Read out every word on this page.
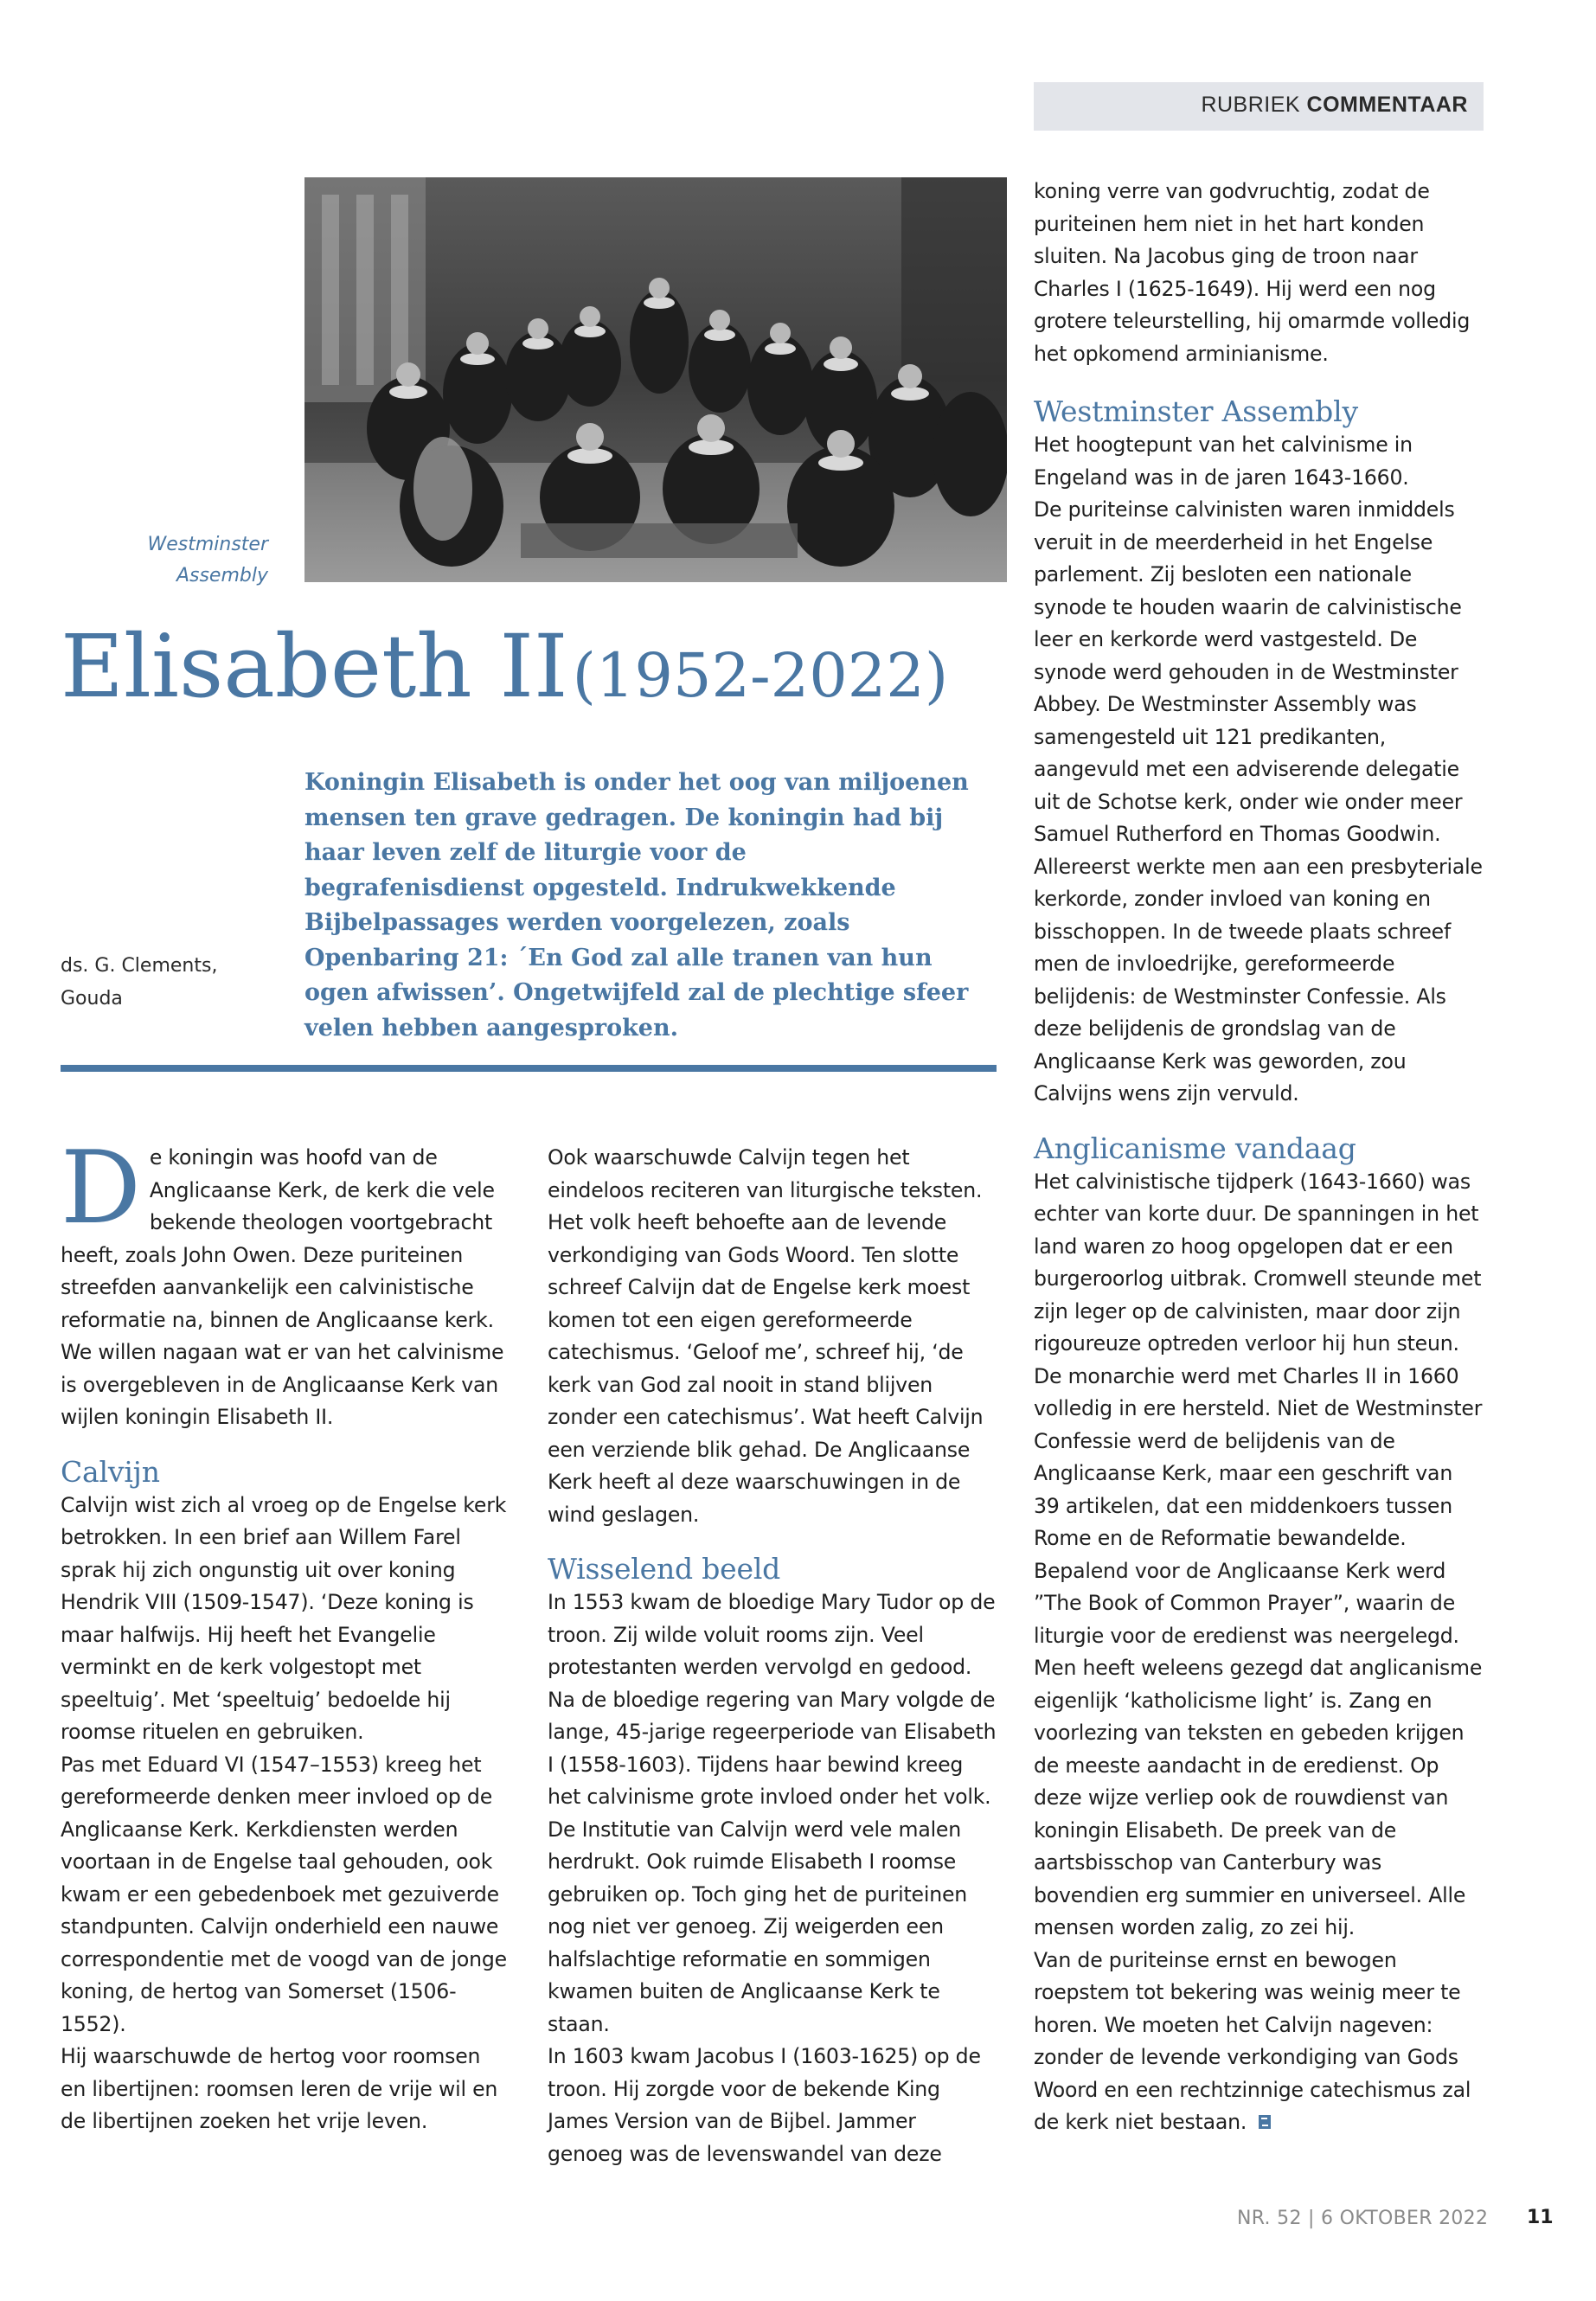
RUBRIEK COMMENTAAR
Westminster
Assembly
Elisabeth II (1952-2022)
Koningin Elisabeth is onder het oog van miljoenen mensen ten grave gedragen. De koningin had bij haar leven zelf de liturgie voor de begrafenisdienst opgesteld. Indrukwekkende Bijbelpassages werden voorgelezen, zoals Openbaring 21: ´En God zal alle tranen van hun ogen afwissen’. Ongetwijfeld zal de plechtige sfeer velen hebben aangesproken.
ds. G. Clements,
Gouda

De koningin was hoofd van de Anglicaanse Kerk, de kerk die vele bekende theologen voortgebracht heeft, zoals John Owen. Deze puriteinen streefden aanvankelijk een calvinistische reformatie na, binnen de Anglicaanse kerk. We willen nagaan wat er van het calvinisme is overgebleven in de Anglicaanse Kerk van wijlen koningin Elisabeth II.

Calvijn

Calvijn wist zich al vroeg op de Engelse kerk betrokken. In een brief aan Willem Farel sprak hij zich ongunstig uit over koning Hendrik VIII (1509-1547). ‘Deze koning is maar halfwijs. Hij heeft het Evangelie verminkt en de kerk volgestopt met speeltuig’. Met ‘speeltuig’ bedoelde hij roomse rituelen en gebruiken.

Pas met Eduard VI (1547–1553) kreeg het gereformeerde denken meer invloed op de Anglicaanse Kerk. Kerkdiensten werden voortaan in de Engelse taal gehouden, ook kwam er een gebedenboek met gezuiverde standpunten. Calvijn onderhield een nauwe correspondentie met de voogd van de jonge koning, de hertog van Somerset (1506-1552).

Hij waarschuwde de hertog voor roomsen en libertijnen: roomsen leren de vrije wil en de libertijnen zoeken het vrije leven.

Ook waarschuwde Calvijn tegen het eindeloos reciteren van liturgische teksten. Het volk heeft behoefte aan de levende verkondiging van Gods Woord. Ten slotte schreef Calvijn dat de Engelse kerk moest komen tot een eigen gereformeerde catechismus. ‘Geloof me’, schreef hij, ‘de kerk van God zal nooit in stand blijven zonder een catechismus’. Wat heeft Calvijn een verziende blik gehad. De Anglicaanse Kerk heeft al deze waarschuwingen in de wind geslagen.

Wisselend beeld

In 1553 kwam de bloedige Mary Tudor op de troon. Zij wilde voluit rooms zijn. Veel protestanten werden vervolgd en gedood. Na de bloedige regering van Mary volgde de lange, 45-jarige regeerperiode van Elisabeth I (1558-1603). Tijdens haar bewind kreeg het calvinisme grote invloed onder het volk. De Institutie van Calvijn werd vele malen herdrukt. Ook ruimde Elisabeth I roomse gebruiken op. Toch ging het de puriteinen nog niet ver genoeg. Zij weigerden een halfslachtige reformatie en sommigen kwamen buiten de Anglicaanse Kerk te staan.

In 1603 kwam Jacobus I (1603-1625) op de troon. Hij zorgde voor de bekende King James Version van de Bijbel. Jammer genoeg was de levenswandel van deze

koning verre van godvruchtig, zodat de puriteinen hem niet in het hart konden sluiten. Na Jacobus ging de troon naar Charles I (1625-1649). Hij werd een nog grotere teleurstelling, hij omarmde volledig het opkomend arminianisme.

Westminster Assembly

Het hoogtepunt van het calvinisme in Engeland was in de jaren 1643-1660.

De puriteinse calvinisten waren inmiddels veruit in de meerderheid in het Engelse parlement. Zij besloten een nationale synode te houden waarin de calvinistische leer en kerkorde werd vastgesteld. De synode werd gehouden in de Westminster Abbey. De Westminster Assembly was samengesteld uit 121 predikanten, aangevuld met een adviserende delegatie uit de Schotse kerk, onder wie onder meer Samuel Rutherford en Thomas Goodwin. Allereerst werkte men aan een presbyteriale kerkorde, zonder invloed van koning en bisschoppen. In de tweede plaats schreef men de invloedrijke, gereformeerde belijdenis: de Westminster Confessie. Als deze belijdenis de grondslag van de Anglicaanse Kerk was geworden, zou Calvijns wens zijn vervuld.

Anglicanisme vandaag

Het calvinistische tijdperk (1643-1660) was echter van korte duur. De spanningen in het land waren zo hoog opgelopen dat er een burgeroorlog uitbrak. Cromwell steunde met zijn leger op de calvinisten, maar door zijn rigoureuze optreden verloor hij hun steun. De monarchie werd met Charles II in 1660 volledig in ere hersteld. Niet de Westminster Confessie werd de belijdenis van de Anglicaanse Kerk, maar een geschrift van 39 artikelen, dat een middenkoers tussen Rome en de Reformatie bewandelde. Bepalend voor de Anglicaanse Kerk werd ”The Book of Common Prayer”, waarin de liturgie voor de eredienst was neergelegd.

Men heeft weleens gezegd dat anglicanisme eigenlijk ‘katholicisme light’ is. Zang en voorlezing van teksten en gebeden krijgen de meeste aandacht in de eredienst. Op deze wijze verliep ook de rouwdienst van koningin Elisabeth. De preek van de aartsbisschop van Canterbury was bovendien erg summier en universeel. Alle mensen worden zalig, zo zei hij.

Van de puriteinse ernst en bewogen roepstem tot bekering was weinig meer te horen. We moeten het Calvijn nageven: zonder de levende verkondiging van Gods Woord en een rechtzinnige catechismus zal de kerk niet bestaan.

NR. 52 | 6 OKTOBER 2022 11
